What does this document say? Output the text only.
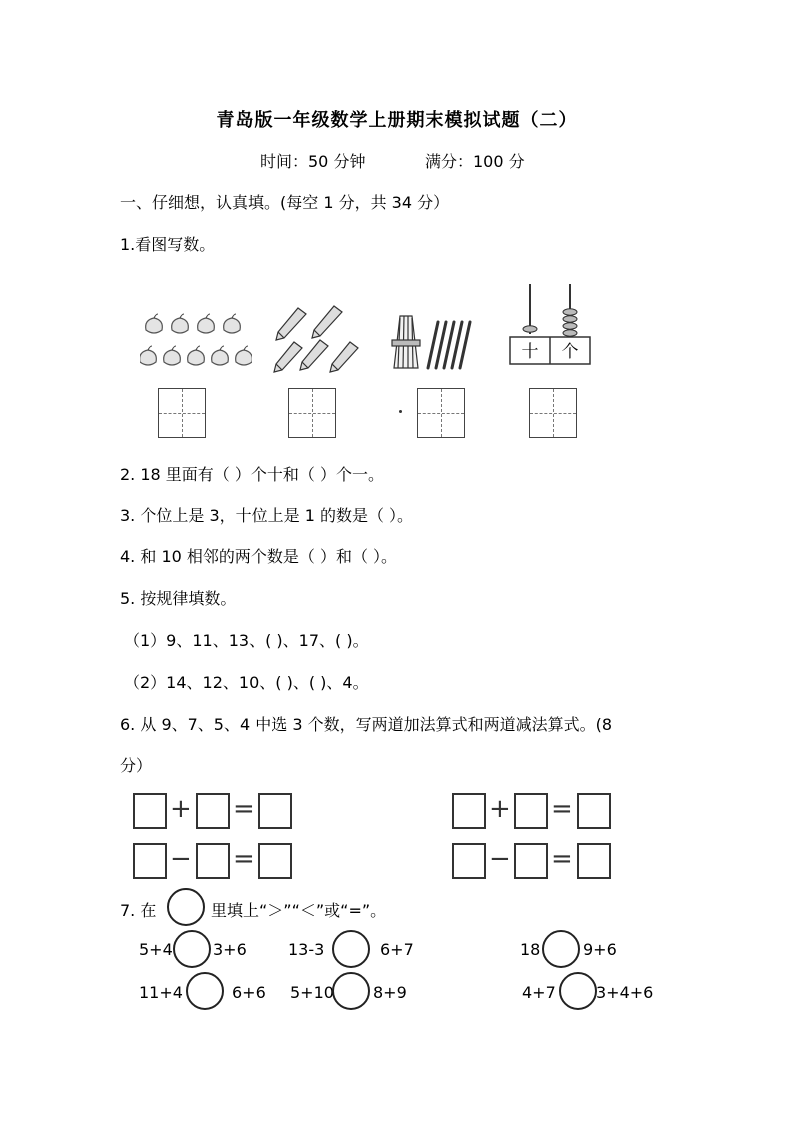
青岛版一年级数学上册期末模拟试题（二）
时间：50 分钟	满分：100 分
一、仔细想，认真填。(每空 1 分，共 34 分）
1.看图写数。
十 个
2. 18 里面有（ ）个十和（ ）个一。
3. 个位上是 3，十位上是 1 的数是（ ）。
4. 和 10 相邻的两个数是（ ）和（ ）。
5. 按规律填数。
（1）9、11、13、( )、17、( )。
（2）14、12、10、( )、( )、4。
6. 从 9、7、5、4 中选 3 个数，写两道加法算式和两道减法算式。(8
分）
+ =
− =
+ =
− =
7. 在	里填上“＞”“＜”或“=”。
5+4	3+6	13-3	6+7	18	9+6
11+4	6+6 5+10 8+9	4+7	3+4+6
